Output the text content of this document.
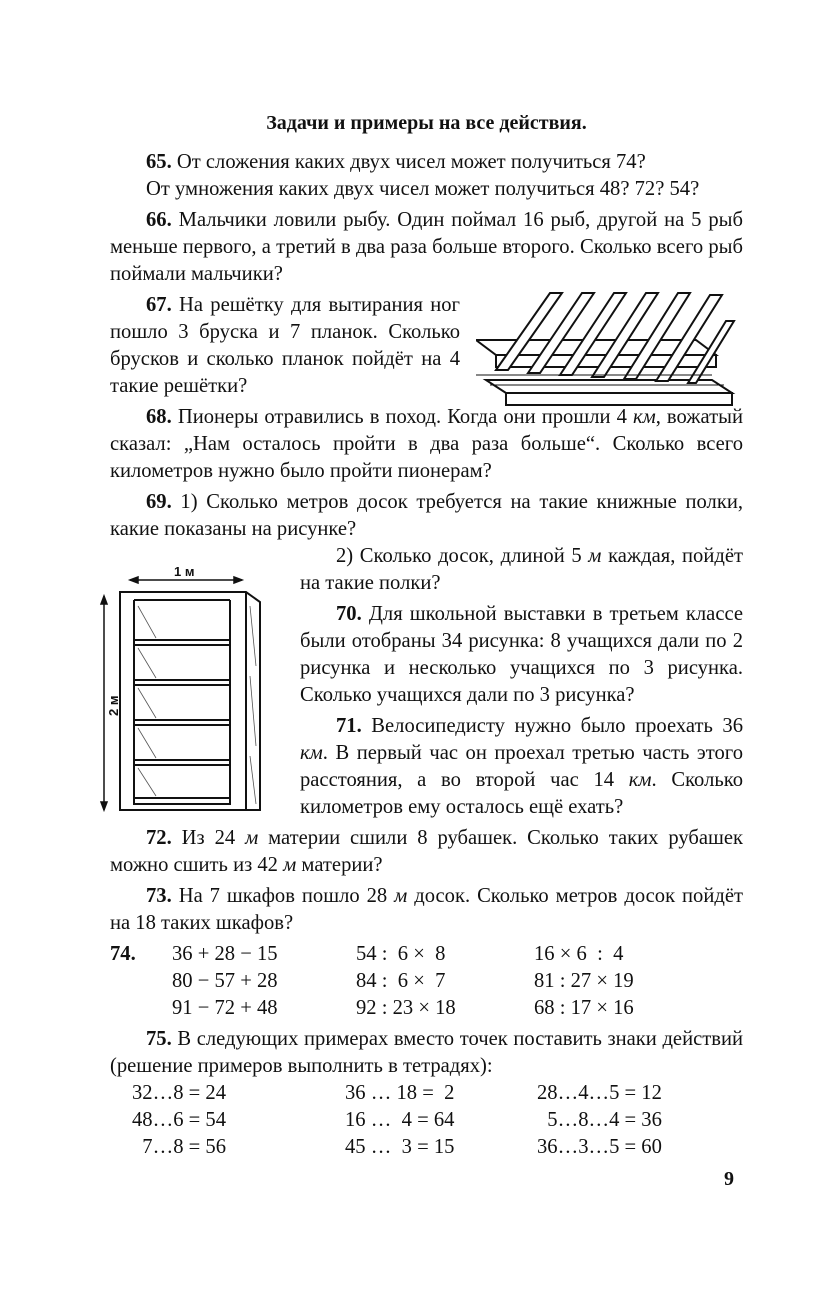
Задачи и примеры на все действия.

65. От сложения каких двух чисел может получиться 74?

От умножения каких двух чисел может получиться 48? 72? 54?

66. Мальчики ловили рыбу. Один поймал 16 рыб, другой на 5 рыб меньше первого, а третий в два раза больше второго. Сколько всего рыб поймали мальчики?

67. На решётку для вытирания ног пошло 3 бруска и 7 планок. Сколько брусков и сколько планок пойдёт на 4 такие решётки?

68. Пионеры отравились в поход. Когда они прошли 4 км, вожатый сказал: „Нам осталось пройти в два раза больше“. Сколько всего километров нужно было пройти пионерам?

69. 1) Сколько метров досок требуется на такие книжные полки, какие показаны на рисунке?

2) Сколько досок, длиной 5 м каждая, пойдёт на такие полки?

70. Для школьной выставки в третьем классе были отобраны 34 рисунка: 8 учащихся дали по 2 рисунка и несколько учащихся по 3 рисунка. Сколько учащихся дали по 3 рисунка?

71. Велосипедисту нужно было проехать 36 км. В первый час он проехал третью часть этого расстояния, а во второй час 14 км. Сколько километров ему осталось ещё ехать?

72. Из 24 м материи сшили 8 рубашек. Сколько таких рубашек можно сшить из 42 м материи?

73. На 7 шкафов пошло 28 м досок. Сколько метров досок пойдёт на 18 таких шкафов?

74.	36 + 28 − 15	54 :  6 ×  8	16 × 6  :  4
	80 − 57 + 28	84 :  6 ×  7	81 : 27 × 19
	91 − 72 + 48	92 : 23 × 18	68 : 17 × 16

75. В следующих примерах вместо точек поставить знаки действий (решение примеров выполнить в тетрадях):

32…8 = 24	36 … 18 =  2	28…4…5 = 12
48…6 = 54	16 …  4 = 64	5…8…4 = 36
7…8 = 56	45 …  3 = 15	36…3…5 = 60
1 м
2 м
9
